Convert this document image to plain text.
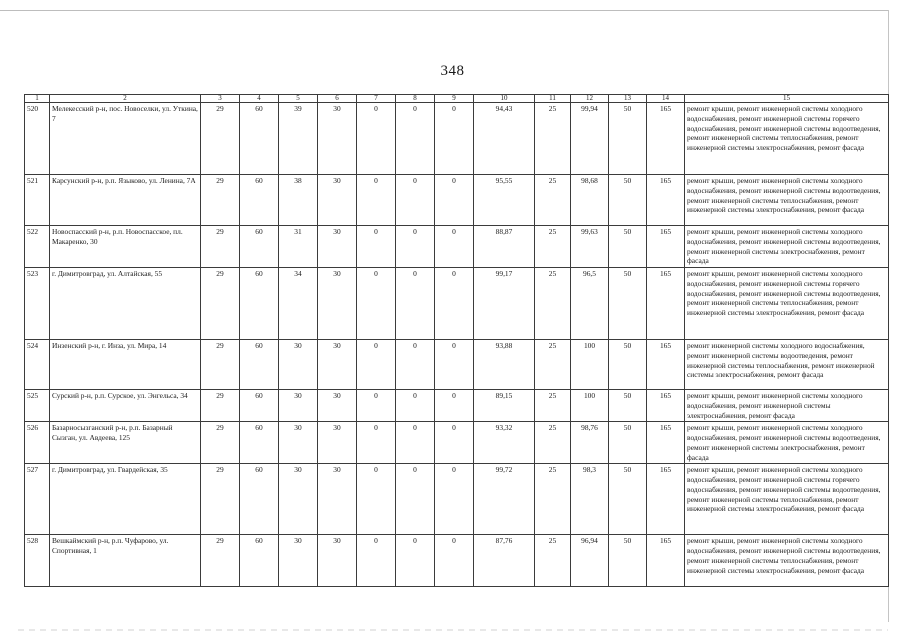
348
1	2	3	4	5	6	7	8	9	10	11	12	13	14	15
520	Мелекесский р-н, пос. Новоселки, ул. Уткина, 7	29	60	39	30	0	0	0	94,43	25	99,94	50	165	ремонт крыши, ремонт инженерной системы холодного водоснабжения, ремонт инженерной системы горячего водоснабжения, ремонт инженерной системы водоотведения, ремонт инженерной системы теплоснабжения, ремонт инженерной системы электроснабжения, ремонт фасада
521	Карсунский р-н, р.п. Языково, ул. Ленина, 7А	29	60	38	30	0	0	0	95,55	25	98,68	50	165	ремонт крыши, ремонт инженерной системы холодного водоснабжения, ремонт инженерной системы водоотведения, ремонт инженерной системы теплоснабжения, ремонт инженерной системы электроснабжения, ремонт фасада
522	Новоспасский р-н, р.п. Новоспасское, пл. Макаренко, 30	29	60	31	30	0	0	0	88,87	25	99,63	50	165	ремонт крыши, ремонт инженерной системы холодного водоснабжения, ремонт инженерной системы водоотведения, ремонт инженерной системы электроснабжения, ремонт фасада
523	г. Димитровград, ул. Алтайская, 55	29	60	34	30	0	0	0	99,17	25	96,5	50	165	ремонт крыши, ремонт инженерной системы холодного водоснабжения, ремонт инженерной системы горячего водоснабжения, ремонт инженерной системы водоотведения, ремонт инженерной системы теплоснабжения, ремонт инженерной системы электроснабжения, ремонт фасада
524	Инзенский р-н, г. Инза, ул. Мира, 14	29	60	30	30	0	0	0	93,88	25	100	50	165	ремонт инженерной системы холодного водоснабжения, ремонт инженерной системы водоотведения, ремонт инженерной системы теплоснабжения, ремонт инженерной системы электроснабжения, ремонт фасада
525	Сурский р-н, р.п. Сурское, ул. Энгельса, 34	29	60	30	30	0	0	0	89,15	25	100	50	165	ремонт крыши, ремонт инженерной системы холодного водоснабжения, ремонт инженерной системы электроснабжения, ремонт фасада
526	Базарносызганский р-н, р.п. Базарный Сызган, ул. Авдеева, 125	29	60	30	30	0	0	0	93,32	25	98,76	50	165	ремонт крыши, ремонт инженерной системы холодного водоснабжения, ремонт инженерной системы водоотведения, ремонт инженерной системы электроснабжения, ремонт фасада
527	г. Димитровград, ул. Гвардейская, 35	29	60	30	30	0	0	0	99,72	25	98,3	50	165	ремонт крыши, ремонт инженерной системы холодного водоснабжения, ремонт инженерной системы горячего водоснабжения, ремонт инженерной системы водоотведения, ремонт инженерной системы теплоснабжения, ремонт инженерной системы электроснабжения, ремонт фасада
528	Вешкаймский р-н, р.п. Чуфарово, ул. Спортивная, 1	29	60	30	30	0	0	0	87,76	25	96,94	50	165	ремонт крыши, ремонт инженерной системы холодного водоснабжения, ремонт инженерной системы водоотведения, ремонт инженерной системы теплоснабжения, ремонт инженерной системы электроснабжения, ремонт фасада
